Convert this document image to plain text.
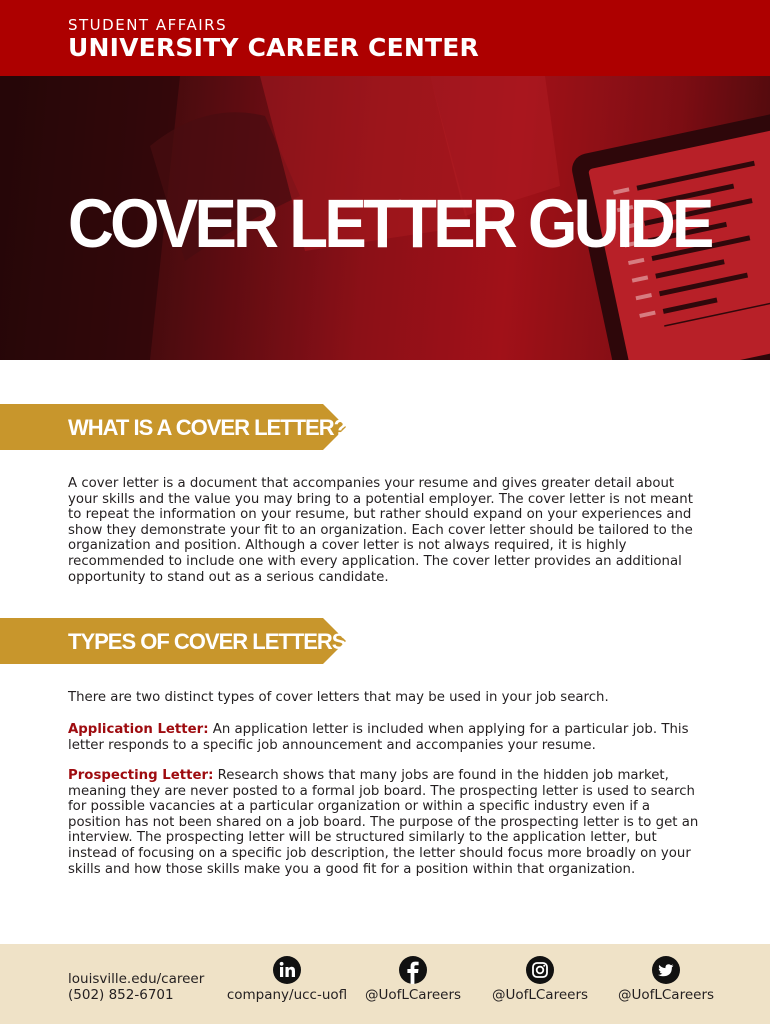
STUDENT AFFAIRS
UNIVERSITY CAREER CENTER
COVER LETTER GUIDE
WHAT IS A COVER LETTER?
A cover letter is a document that accompanies your resume and gives greater detail about your skills and the value you may bring to a potential employer. The cover letter is not meant to repeat the information on your resume, but rather should expand on your experiences and show they demonstrate your fit to an organization. Each cover letter should be tailored to the organization and position. Although a cover letter is not always required, it is highly recommended to include one with every application. The cover letter provides an additional opportunity to stand out as a serious candidate.
TYPES OF COVER LETTERS
There are two distinct types of cover letters that may be used in your job search.
Application Letter: An application letter is included when applying for a particular job. This letter responds to a specific job announcement and accompanies your resume.
Prospecting Letter: Research shows that many jobs are found in the hidden job market, meaning they are never posted to a formal job board. The prospecting letter is used to search for possible vacancies at a particular organization or within a specific industry even if a position has not been shared on a job board. The purpose of the prospecting letter is to get an interview. The prospecting letter will be structured similarly to the application letter, but instead of focusing on a specific job description, the letter should focus more broadly on your skills and how those skills make you a good fit for a position within that organization.
louisville.edu/career
(502) 852-6701	company/ucc-uofl	@UofLCareers	@UofLCareers	@UofLCareers
